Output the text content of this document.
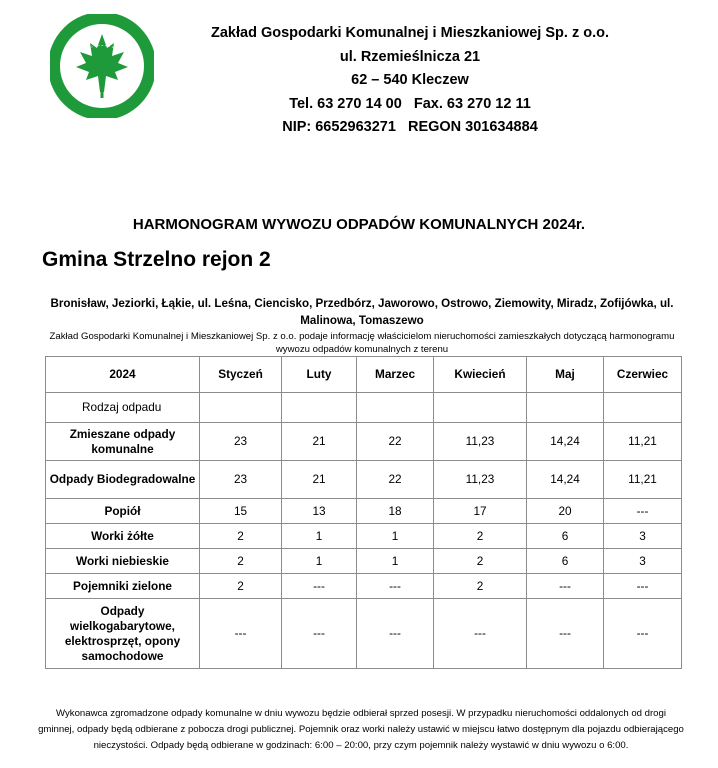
Zakład Gospodarki Komunalnej i Mieszkaniowej Sp. z o.o.
ul. Rzemieślnicza 21
62 – 540 Kleczew
Tel. 63 270 14 00   Fax. 63 270 12 11
NIP: 6652963271   REGON 301634884
HARMONOGRAM WYWOZU ODPADÓW KOMUNALNYCH 2024r.
Gmina Strzelno rejon 2
Bronisław, Jeziorki, Łąkie, ul. Leśna, Ciencisko, Przedbórz, Jaworowo, Ostrowo, Ziemowity, Miradz, Zofijówka, ul. Malinowa, Tomaszewo
Zakład Gospodarki Komunalnej i Mieszkaniowej Sp. z o.o. podaje informację właścicielom nieruchomości zamieszkałych dotyczącą harmonogramu wywozu odpadów komunalnych z terenu
2024	Styczeń	Luty	Marzec	Kwiecień	Maj	Czerwiec
Rodzaj odpadu						
Zmieszane odpady komunalne	23	21	22	11,23	14,24	11,21
Odpady Biodegradowalne	23	21	22	11,23	14,24	11,21
Popiół	15	13	18	17	20	---
Worki żółte	2	1	1	2	6	3
Worki niebieskie	2	1	1	2	6	3
Pojemniki zielone	2	---	---	2	---	---
Odpady wielkogabarytowe, elektrosprzęt, opony samochodowe	---	---	---	---	---	---
Wykonawca zgromadzone odpady komunalne w dniu wywozu będzie odbierał sprzed posesji. W przypadku nieruchomości oddalonych od drogi gminnej, odpady będą odbierane z pobocza drogi publicznej. Pojemnik oraz worki należy ustawić w miejscu łatwo dostępnym dla pojazdu odbierającego nieczystości. Odpady będą odbierane w godzinach: 6:00 – 20:00, przy czym pojemnik należy wystawić w dniu wywozu o 6:00.
